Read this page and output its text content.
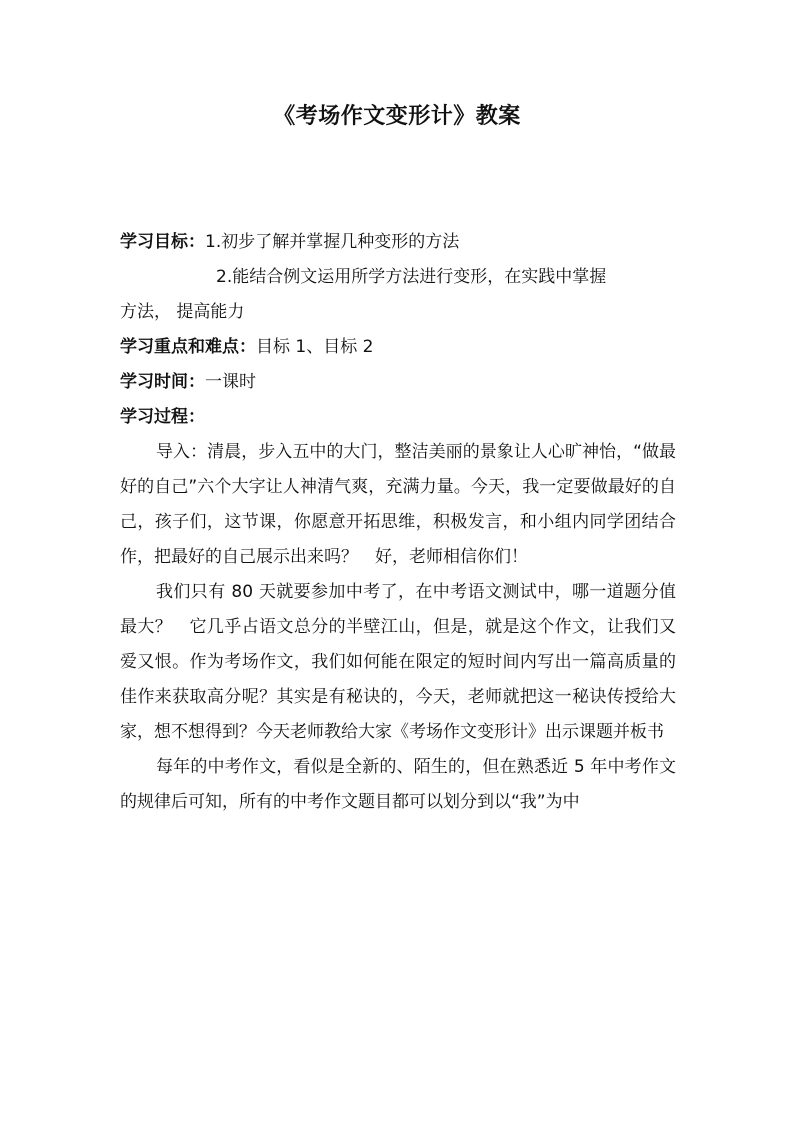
《考场作文变形计》教案

学习目标：1.初步了解并掌握几种变形的方法

2.能结合例文运用所学方法进行变形，在实践中掌握

方法， 提高能力

学习重点和难点：目标 1、目标 2

学习时间：一课时

学习过程：

导入：清晨，步入五中的大门，整洁美丽的景象让人心旷神怡，“做最好的自己”六个大字让人神清气爽，充满力量。今天，我一定要做最好的自己，孩子们，这节课，你愿意开拓思维，积极发言，和小组内同学团结合作，把最好的自己展示出来吗？　好，老师相信你们！

我们只有 80 天就要参加中考了，在中考语文测试中，哪一道题分值最大？　它几乎占语文总分的半壁江山，但是，就是这个作文，让我们又爱又恨。作为考场作文，我们如何能在限定的短时间内写出一篇高质量的佳作来获取高分呢？其实是有秘诀的，今天，老师就把这一秘诀传授给大家，想不想得到？今天老师教给大家《考场作文变形计》出示课题并板书

每年的中考作文，看似是全新的、陌生的，但在熟悉近 5 年中考作文的规律后可知，所有的中考作文题目都可以划分到以“我”为中
